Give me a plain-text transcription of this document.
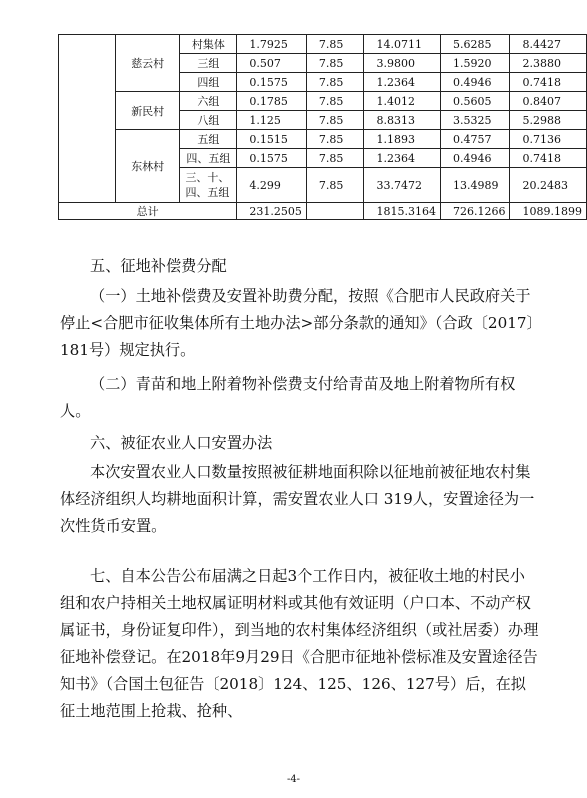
	慈云村	村集体	1.7925	7.85	14.0711	5.6285	8.4427
		三组	0.507	7.85	3.9800	1.5920	2.3880
		四组	0.1575	7.85	1.2364	0.4946	0.7418
	新民村	六组	0.1785	7.85	1.4012	0.5605	0.8407
		八组	1.125	7.85	8.8313	3.5325	5.2988
	东林村	五组	0.1515	7.85	1.1893	0.4757	0.7136
		四、五组	0.1575	7.85	1.2364	0.4946	0.7418
		三、十、四、五组	4.299	7.85	33.7472	13.4989	20.2483
总计			231.2505		1815.3164	726.1266	1089.1899

五、征地补偿费分配

（一）土地补偿费及安置补助费分配，按照《合肥市人民政府关于停止<合肥市征收集体所有土地办法>部分条款的通知》（合政〔2017〕181号）规定执行。

（二）青苗和地上附着物补偿费支付给青苗及地上附着物所有权人。

六、被征农业人口安置办法

本次安置农业人口数量按照被征耕地面积除以征地前被征地农村集体经济组织人均耕地面积计算，需安置农业人口 319人，安置途径为一次性货币安置。

七、自本公告公布届满之日起3个工作日内，被征收土地的村民小组和农户持相关土地权属证明材料或其他有效证明（户口本、不动产权属证书，身份证复印件），到当地的农村集体经济组织（或社居委）办理征地补偿登记。在2018年9月29日《合肥市征地补偿标准及安置途径告知书》（合国土包征告〔2018〕124、125、126、127号）后，在拟征土地范围上抢栽、抢种、

-4-
